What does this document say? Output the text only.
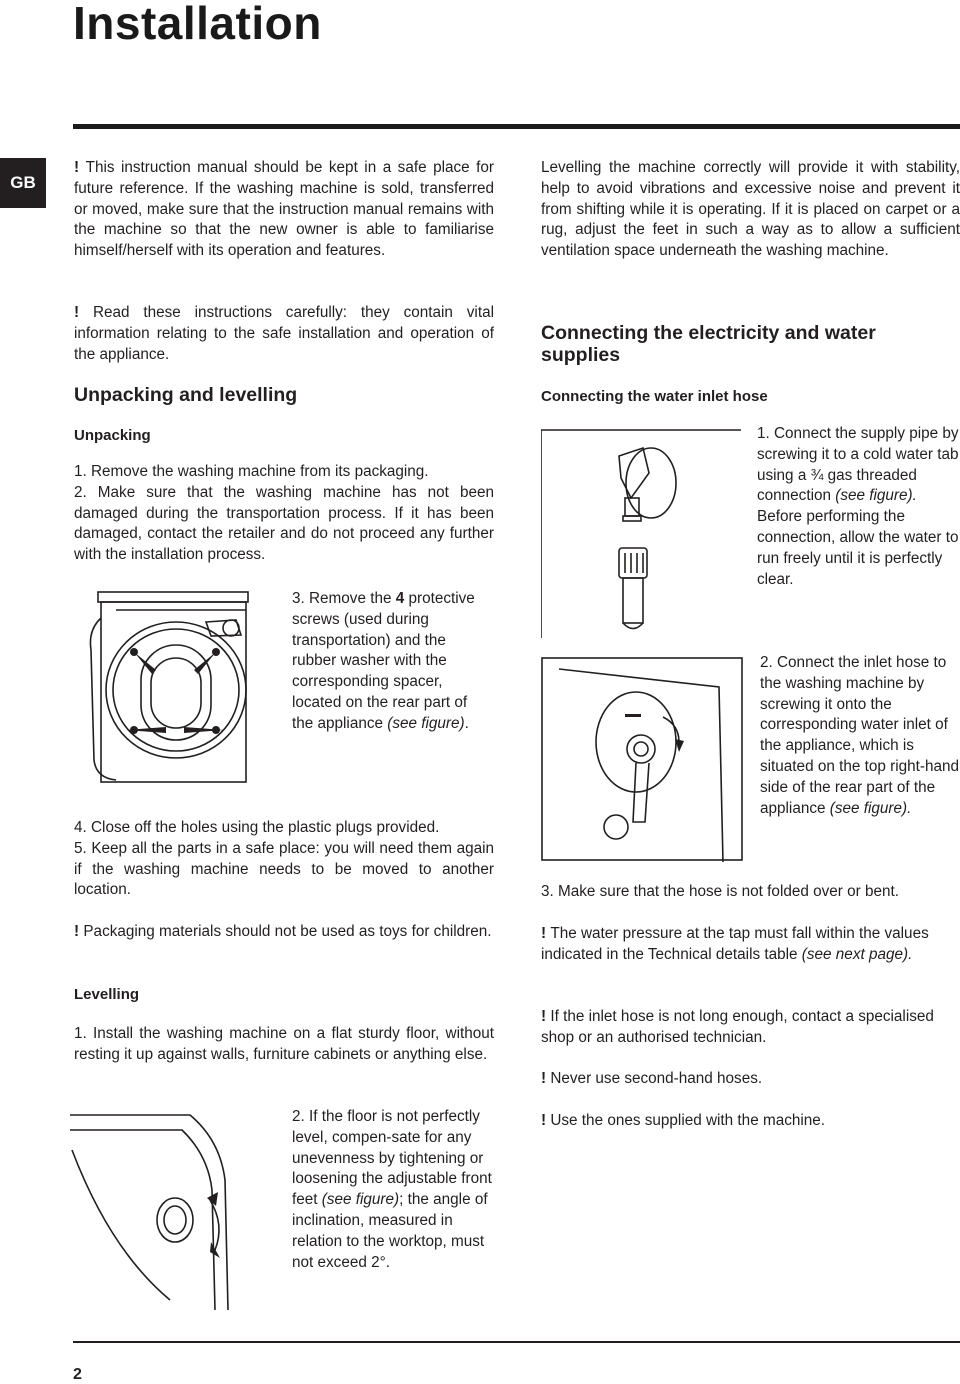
Installation
GB

! This instruction manual should be kept in a safe place for future reference. If the washing machine is sold, transferred or moved, make sure that the instruction manual remains with the machine so that the new owner is able to familiarise himself/herself with its operation and features.

! Read these instructions carefully: they contain vital information relating to the safe installation and operation of the appliance.

Unpacking and levelling
Unpacking

1. Remove the washing machine from its packaging.

2. Make sure that the washing machine has not been damaged during the transportation process. If it has been damaged, contact the retailer and do not proceed any further with the installation process.

3. Remove the 4 protective screws (used during transportation) and the rubber washer with the corresponding spacer, located on the rear part of the appliance (see figure).

4. Close off the holes using the plastic plugs provided.

5. Keep all the parts in a safe place: you will need them again if the washing machine needs to be moved to another location.

! Packaging materials should not be used as toys for children.

Levelling

1. Install the washing machine on a flat sturdy floor, without resting it up against walls, furniture cabinets or anything else.

2. If the floor is not perfectly level, compen-sate for any unevenness by tightening or loosening the adjustable front feet (see figure); the angle of inclination, measured in relation to the worktop, must not exceed 2°.

Levelling the machine correctly will provide it with stability, help to avoid vibrations and excessive noise and prevent it from shifting while it is operating. If it is placed on carpet or a rug, adjust the feet in such a way as to allow a sufficient ventilation space underneath the washing machine.

Connecting the electricity and water supplies
Connecting the water inlet hose

1. Connect the supply pipe by screwing it to a cold water tab using a ¾ gas threaded connection (see figure).

Before performing the connection, allow the water to run freely until it is perfectly clear.

2. Connect the inlet hose to the washing machine by screwing it onto the corresponding water inlet of the appliance, which is situated on the top right-hand side of the rear part of the appliance (see figure).

3. Make sure that the hose is not folded over or bent.

! The water pressure at the tap must fall within the values indicated in the Technical details table (see next page).

! If the inlet hose is not long enough, contact a specialised shop or an authorised technician.

! Never use second-hand hoses.

! Use the ones supplied with the machine.

2
